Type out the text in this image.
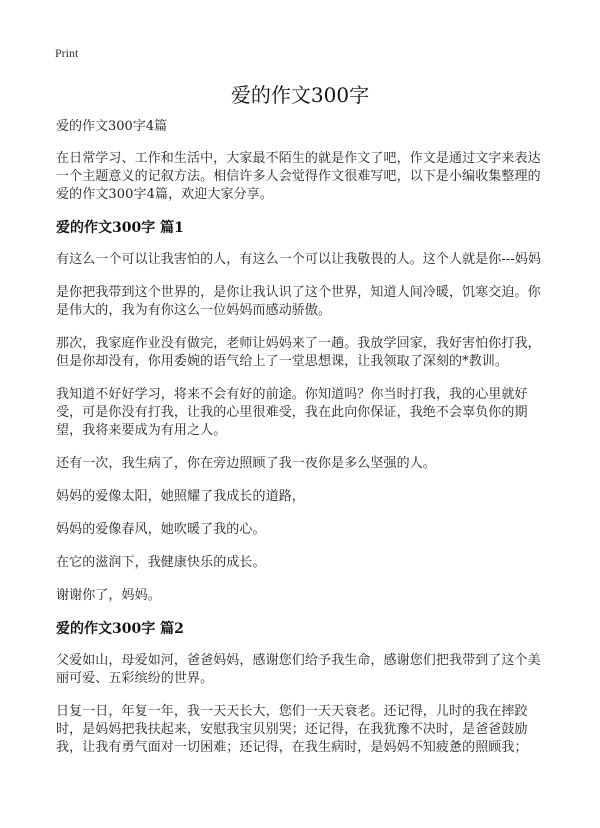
Print
爱的作文300字

爱的作文300字4篇

在日常学习、工作和生活中，大家最不陌生的就是作文了吧，作文是通过文字来表达一个主题意义的记叙方法。相信许多人会觉得作文很难写吧，以下是小编收集整理的爱的作文300字4篇，欢迎大家分享。

爱的作文300字 篇1

有这么一个可以让我害怕的人，有这么一个可以让我敬畏的人。这个人就是你---妈妈

是你把我带到这个世界的，是你让我认识了这个世界，知道人间冷暖，饥寒交迫。你是伟大的，我为有你这么一位妈妈而感动骄傲。

那次，我家庭作业没有做完，老师让妈妈来了一趟。我放学回家，我好害怕你打我，但是你却没有，你用委婉的语气给上了一堂思想课，让我领取了深刻的*教训。

我知道不好好学习，将来不会有好的前途。你知道吗？你当时打我，我的心里就好受，可是你没有打我，让我的心里很难受，我在此向你保证，我绝不会辜负你的期望，我将来要成为有用之人。

还有一次，我生病了，你在旁边照顾了我一夜你是多么坚强的人。

妈妈的爱像太阳，她照耀了我成长的道路，

妈妈的爱像春风，她吹暖了我的心。

在它的滋润下，我健康快乐的成长。

谢谢你了，妈妈。

爱的作文300字 篇2

父爱如山，母爱如河，爸爸妈妈，感谢您们给予我生命，感谢您们把我带到了这个美丽可爱、五彩缤纷的世界。

日复一日，年复一年，我一天天长大，您们一天天衰老。还记得，儿时的我在摔跤时，是妈妈把我扶起来，安慰我宝贝别哭；还记得，在我犹豫不决时，是爸爸鼓励我，让我有勇气面对一切困难；还记得，在我生病时，是妈妈不知疲惫的照顾我；
